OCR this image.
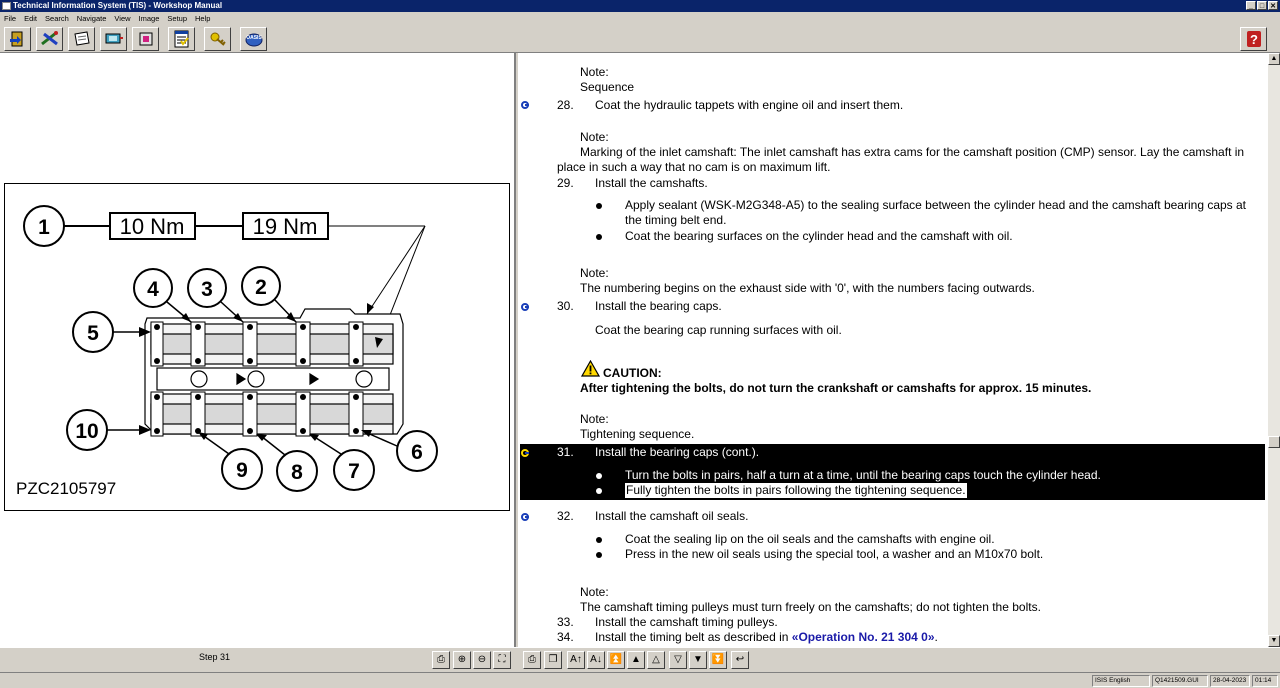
Technical Information System (TIS) - Workshop Manual	_ □ ✕
File Edit Search Navigate View Image Setup Help
OASIS	?
1
2
3
4
5
6
7
8
9
10
10 Nm	19 Nm
PZC2105797
Note:
Sequence
28. Coat the hydraulic tappets with engine oil and insert them.
Note:
Marking of the inlet camshaft: The inlet camshaft has extra cams for the camshaft position (CMP) sensor. Lay the camshaft in place in such a way that no cam is on maximum lift.
29. Install the camshafts.
Apply sealant (WSK-M2G348-A5) to the sealing surface between the cylinder head and the camshaft bearing caps at the timing belt end.
Coat the bearing surfaces on the cylinder head and the camshaft with oil.
Note:
The numbering begins on the exhaust side with '0', with the numbers facing outwards.
30. Install the bearing caps.
Coat the bearing cap running surfaces with oil.
CAUTION:
After tightening the bolts, do not turn the crankshaft or camshafts for approx. 15 minutes.
Note:
Tightening sequence.
31. Install the bearing caps (cont.).
Turn the bolts in pairs, half a turn at a time, until the bearing caps touch the cylinder head.
Fully tighten the bolts in pairs following the tightening sequence.
32. Install the camshaft oil seals.
Coat the sealing lip on the oil seals and the camshafts with engine oil.
Press in the new oil seals using the special tool, a washer and an M10x70 bolt.
Note:
The camshaft timing pulleys must turn freely on the camshafts; do not tighten the bolts.
33. Install the camshaft timing pulleys.
34. Install the timing belt as described in «Operation No. 21 304 0».
▲
▼
Step 31	⎙	⊕	⊖	⛶	⎙	❐	A↑ A↓ ⏫ ▲	△	▽	▼ ⏬	↩
ISIS English	Q1421509.GUI	28-04-2023	01:14
